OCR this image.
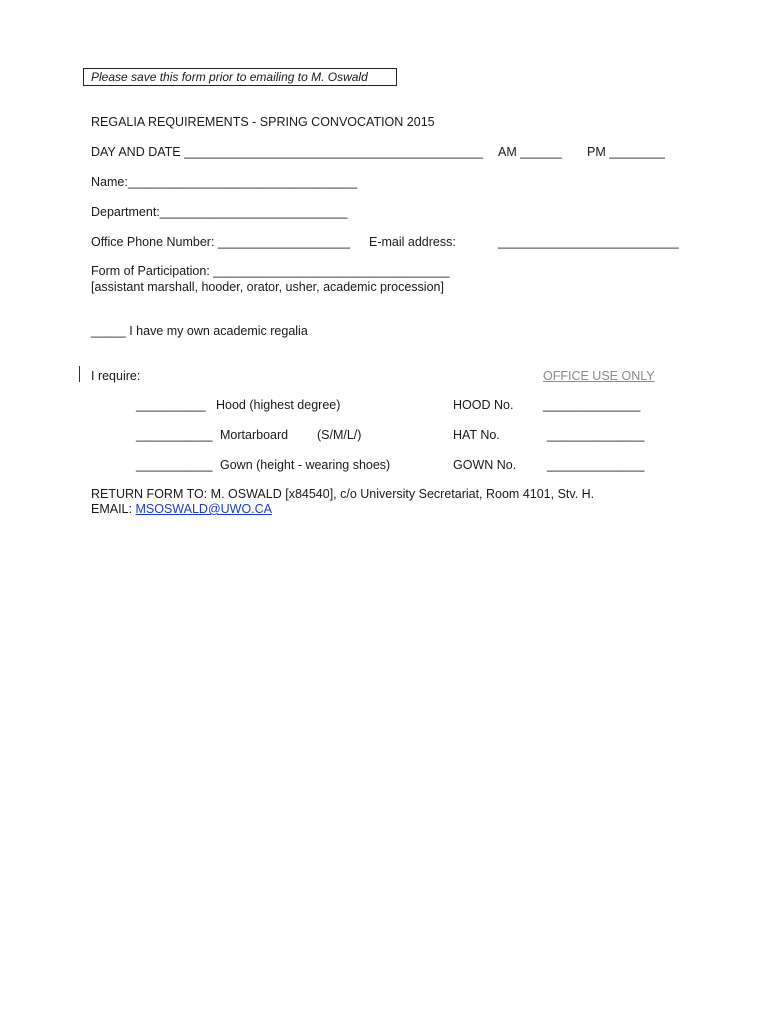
Please save this form prior to emailing to M. Oswald
REGALIA REQUIREMENTS - SPRING CONVOCATION 2015
DAY AND DATE ___________________________________________ AM ______ PM ________
Name:_________________________________
Department:___________________________
Office Phone Number: ___________________ E-mail address:	__________________________
Form of Participation: __________________________________
[assistant marshall, hooder, orator, usher, academic procession]
_____ I have my own academic regalia
I require:	OFFICE USE ONLY
__________ Hood (highest degree)	HOOD No. ______________
___________ Mortarboard (S/M/L/)	HAT No.	______________
___________ Gown (height - wearing shoes)	GOWN No. ______________
RETURN FORM TO: M. OSWALD [x84540], c/o University Secretariat, Room 4101, Stv. H.
EMAIL: MSOSWALD@UWO.CA
